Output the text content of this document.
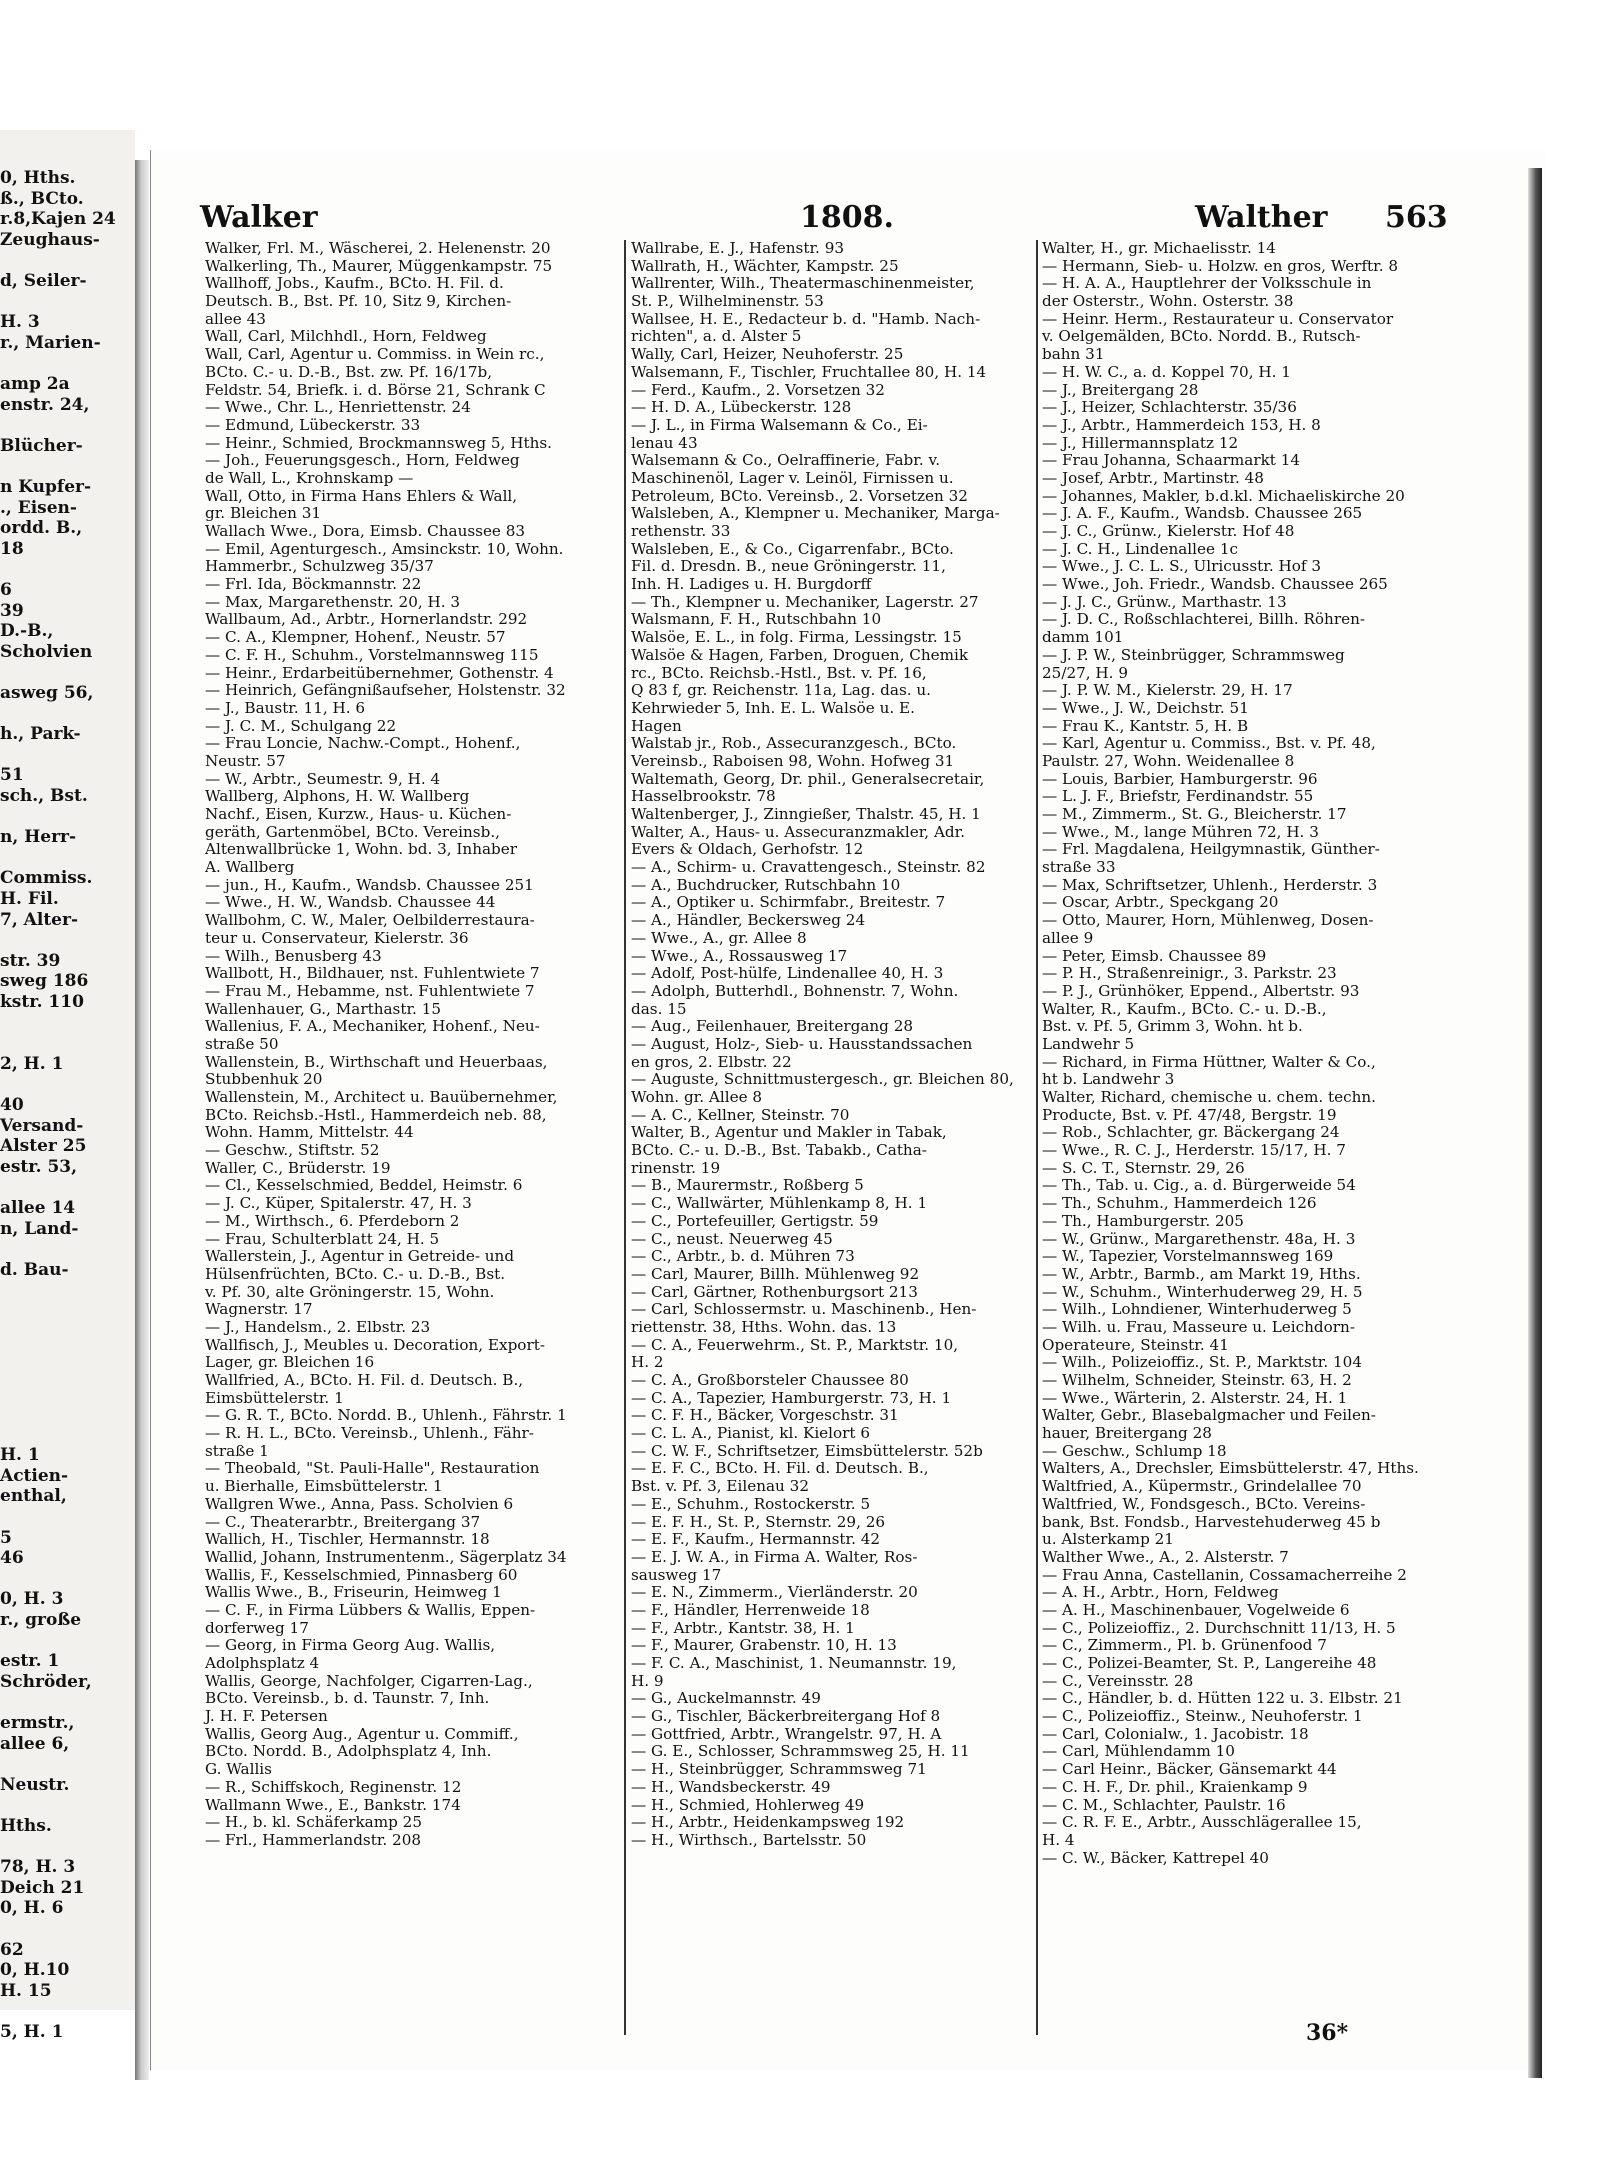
0, Hths.
ß., BCto.
r.8,Kajen 24
Zeughaus-
d, Seiler-
H. 3
r., Marien-
amp 2a
enstr. 24,
Blücher-
n Kupfer-
., Eisen-
ordd. B.,
18
6
39
D.-B.,
Scholvien
asweg 56,
h., Park-
51
sch., Bst.
n, Herr-
Commiss.
H. Fil.
7, Alter-
str. 39
sweg 186
kstr. 110
2, H. 1
40
Versand-
Alster 25
estr. 53,
allee 14
n, Land-
d. Bau-
H. 1
Actien-
enthal,
5
46
0, H. 3
r., große
estr. 1
Schröder,
ermstr.,
allee 6,
Neustr.
Hths.
78, H. 3
Deich 21
0, H. 6
62
0, H.10
H. 15
5, H. 1
Walker	1808.	Walther 563
Walker, Frl. M., Wäscherei, 2. Helenenstr. 20
Walkerling, Th., Maurer, Müggenkampstr. 75
Wallhoff, Jobs., Kaufm., BCto. H. Fil. d.
Deutsch. B., Bst. Pf. 10, Sitz 9, Kirchen-
allee 43
Wall, Carl, Milchhdl., Horn, Feldweg
Wall, Carl, Agentur u. Commiss. in Wein rc.,
BCto. C.- u. D.-B., Bst. zw. Pf. 16/17b,
Feldstr. 54, Briefk. i. d. Börse 21, Schrank C
— Wwe., Chr. L., Henriettenstr. 24
— Edmund, Lübeckerstr. 33
— Heinr., Schmied, Brockmannsweg 5, Hths.
— Joh., Feuerungsgesch., Horn, Feldweg
de Wall, L., Krohnskamp —
Wall, Otto, in Firma Hans Ehlers & Wall,
gr. Bleichen 31
Wallach Wwe., Dora, Eimsb. Chaussee 83
— Emil, Agenturgesch., Amsinckstr. 10, Wohn.
Hammerbr., Schulzweg 35/37
— Frl. Ida, Böckmannstr. 22
— Max, Margarethenstr. 20, H. 3
Wallbaum, Ad., Arbtr., Hornerlandstr. 292
— C. A., Klempner, Hohenf., Neustr. 57
— C. F. H., Schuhm., Vorstelmannsweg 115
— Heinr., Erdarbeitübernehmer, Gothenstr. 4
— Heinrich, Gefängnißaufseher, Holstenstr. 32
— J., Baustr. 11, H. 6
— J. C. M., Schulgang 22
— Frau Loncie, Nachw.-Compt., Hohenf.,
Neustr. 57
— W., Arbtr., Seumestr. 9, H. 4
Wallberg, Alphons, H. W. Wallberg
Nachf., Eisen, Kurzw., Haus- u. Küchen-
geräth, Gartenmöbel, BCto. Vereinsb.,
Altenwallbrücke 1, Wohn. bd. 3, Inhaber
A. Wallberg
— jun., H., Kaufm., Wandsb. Chaussee 251
— Wwe., H. W., Wandsb. Chaussee 44
Wallbohm, C. W., Maler, Oelbilderrestaura-
teur u. Conservateur, Kielerstr. 36
— Wilh., Benusberg 43
Wallbott, H., Bildhauer, nst. Fuhlentwiete 7
— Frau M., Hebamme, nst. Fuhlentwiete 7
Wallenhauer, G., Marthastr. 15
Wallenius, F. A., Mechaniker, Hohenf., Neu-
straße 50
Wallenstein, B., Wirthschaft und Heuerbaas,
Stubbenhuk 20
Wallenstein, M., Architect u. Bauübernehmer,
BCto. Reichsb.-Hstl., Hammerdeich neb. 88,
Wohn. Hamm, Mittelstr. 44
— Geschw., Stiftstr. 52
Waller, C., Brüderstr. 19
— Cl., Kesselschmied, Beddel, Heimstr. 6
— J. C., Küper, Spitalerstr. 47, H. 3
— M., Wirthsch., 6. Pferdeborn 2
— Frau, Schulterblatt 24, H. 5
Wallerstein, J., Agentur in Getreide- und
Hülsenfrüchten, BCto. C.- u. D.-B., Bst.
v. Pf. 30, alte Gröningerstr. 15, Wohn.
Wagnerstr. 17
— J., Handelsm., 2. Elbstr. 23
Wallfisch, J., Meubles u. Decoration, Export-
Lager, gr. Bleichen 16
Wallfried, A., BCto. H. Fil. d. Deutsch. B.,
Eimsbüttelerstr. 1
— G. R. T., BCto. Nordd. B., Uhlenh., Fährstr. 1
— R. H. L., BCto. Vereinsb., Uhlenh., Fähr-
straße 1
— Theobald, "St. Pauli-Halle", Restauration
u. Bierhalle, Eimsbüttelerstr. 1
Wallgren Wwe., Anna, Pass. Scholvien 6
— C., Theaterarbtr., Breitergang 37
Wallich, H., Tischler, Hermannstr. 18
Wallid, Johann, Instrumentenm., Sägerplatz 34
Wallis, F., Kesselschmied, Pinnasberg 60
Wallis Wwe., B., Friseurin, Heimweg 1
— C. F., in Firma Lübbers & Wallis, Eppen-
dorferweg 17
— Georg, in Firma Georg Aug. Wallis,
Adolphsplatz 4
Wallis, George, Nachfolger, Cigarren-Lag.,
BCto. Vereinsb., b. d. Taunstr. 7, Inh.
J. H. F. Petersen
Wallis, Georg Aug., Agentur u. Commiff.,
BCto. Nordd. B., Adolphsplatz 4, Inh.
G. Wallis
— R., Schiffskoch, Reginenstr. 12
Wallmann Wwe., E., Bankstr. 174
— H., b. kl. Schäferkamp 25
— Frl., Hammerlandstr. 208
Wallrabe, E. J., Hafenstr. 93
Wallrath, H., Wächter, Kampstr. 25
Wallrenter, Wilh., Theatermaschinenmeister,
St. P., Wilhelminenstr. 53
Wallsee, H. E., Redacteur b. d. "Hamb. Nach-
richten", a. d. Alster 5
Wally, Carl, Heizer, Neuhoferstr. 25
Walsemann, F., Tischler, Fruchtallee 80, H. 14
— Ferd., Kaufm., 2. Vorsetzen 32
— H. D. A., Lübeckerstr. 128
— J. L., in Firma Walsemann & Co., Ei-
lenau 43
Walsemann & Co., Oelraffinerie, Fabr. v.
Maschinenöl, Lager v. Leinöl, Firnissen u.
Petroleum, BCto. Vereinsb., 2. Vorsetzen 32
Walsleben, A., Klempner u. Mechaniker, Marga-
rethenstr. 33
Walsleben, E., & Co., Cigarrenfabr., BCto.
Fil. d. Dresdn. B., neue Gröningerstr. 11,
Inh. H. Ladiges u. H. Burgdorff
— Th., Klempner u. Mechaniker, Lagerstr. 27
Walsmann, F. H., Rutschbahn 10
Walsöe, E. L., in folg. Firma, Lessingstr. 15
Walsöe & Hagen, Farben, Droguen, Chemik
rc., BCto. Reichsb.-Hstl., Bst. v. Pf. 16,
Q 83 f, gr. Reichenstr. 11a, Lag. das. u.
Kehrwieder 5, Inh. E. L. Walsöe u. E.
Hagen
Walstab jr., Rob., Assecuranzgesch., BCto.
Vereinsb., Raboisen 98, Wohn. Hofweg 31
Waltemath, Georg, Dr. phil., Generalsecretair,
Hasselbrookstr. 78
Waltenberger, J., Zinngießer, Thalstr. 45, H. 1
Walter, A., Haus- u. Assecuranzmakler, Adr.
Evers & Oldach, Gerhofstr. 12
— A., Schirm- u. Cravattengesch., Steinstr. 82
— A., Buchdrucker, Rutschbahn 10
— A., Optiker u. Schirmfabr., Breitestr. 7
— A., Händler, Beckersweg 24
— Wwe., A., gr. Allee 8
— Wwe., A., Rossausweg 17
— Adolf, Post-hülfe, Lindenallee 40, H. 3
— Adolph, Butterhdl., Bohnenstr. 7, Wohn.
das. 15
— Aug., Feilenhauer, Breitergang 28
— August, Holz-, Sieb- u. Hausstandssachen
en gros, 2. Elbstr. 22
— Auguste, Schnittmustergesch., gr. Bleichen 80,
Wohn. gr. Allee 8
— A. C., Kellner, Steinstr. 70
Walter, B., Agentur und Makler in Tabak,
BCto. C.- u. D.-B., Bst. Tabakb., Catha-
rinenstr. 19
— B., Maurermstr., Roßberg 5
— C., Wallwärter, Mühlenkamp 8, H. 1
— C., Portefeuiller, Gertigstr. 59
— C., neust. Neuerweg 45
— C., Arbtr., b. d. Mühren 73
— Carl, Maurer, Billh. Mühlenweg 92
— Carl, Gärtner, Rothenburgsort 213
— Carl, Schlossermstr. u. Maschinenb., Hen-
riettenstr. 38, Hths. Wohn. das. 13
— C. A., Feuerwehrm., St. P., Marktstr. 10,
H. 2
— C. A., Großborsteler Chaussee 80
— C. A., Tapezier, Hamburgerstr. 73, H. 1
— C. F. H., Bäcker, Vorgeschstr. 31
— C. L. A., Pianist, kl. Kielort 6
— C. W. F., Schriftsetzer, Eimsbüttelerstr. 52b
— E. F. C., BCto. H. Fil. d. Deutsch. B.,
Bst. v. Pf. 3, Eilenau 32
— E., Schuhm., Rostockerstr. 5
— E. F. H., St. P., Sternstr. 29, 26
— E. F., Kaufm., Hermannstr. 42
— E. J. W. A., in Firma A. Walter, Ros-
sausweg 17
— E. N., Zimmerm., Vierländerstr. 20
— F., Händler, Herrenweide 18
— F., Arbtr., Kantstr. 38, H. 1
— F., Maurer, Grabenstr. 10, H. 13
— F. C. A., Maschinist, 1. Neumannstr. 19,
H. 9
— G., Auckelmannstr. 49
— G., Tischler, Bäckerbreitergang Hof 8
— Gottfried, Arbtr., Wrangelstr. 97, H. A
— G. E., Schlosser, Schrammsweg 25, H. 11
— H., Steinbrügger, Schrammsweg 71
— H., Wandsbeckerstr. 49
— H., Schmied, Hohlerweg 49
— H., Arbtr., Heidenkampsweg 192
— H., Wirthsch., Bartelsstr. 50
Walter, H., gr. Michaelisstr. 14
— Hermann, Sieb- u. Holzw. en gros, Werftr. 8
— H. A. A., Hauptlehrer der Volksschule in
der Osterstr., Wohn. Osterstr. 38
— Heinr. Herm., Restaurateur u. Conservator
v. Oelgemälden, BCto. Nordd. B., Rutsch-
bahn 31
— H. W. C., a. d. Koppel 70, H. 1
— J., Breitergang 28
— J., Heizer, Schlachterstr. 35/36
— J., Arbtr., Hammerdeich 153, H. 8
— J., Hillermannsplatz 12
— Frau Johanna, Schaarmarkt 14
— Josef, Arbtr., Martinstr. 48
— Johannes, Makler, b.d.kl. Michaeliskirche 20
— J. A. F., Kaufm., Wandsb. Chaussee 265
— J. C., Grünw., Kielerstr. Hof 48
— J. C. H., Lindenallee 1c
— Wwe., J. C. L. S., Ulricusstr. Hof 3
— Wwe., Joh. Friedr., Wandsb. Chaussee 265
— J. J. C., Grünw., Marthastr. 13
— J. D. C., Roßschlachterei, Billh. Röhren-
damm 101
— J. P. W., Steinbrügger, Schrammsweg
25/27, H. 9
— J. P. W. M., Kielerstr. 29, H. 17
— Wwe., J. W., Deichstr. 51
— Frau K., Kantstr. 5, H. B
— Karl, Agentur u. Commiss., Bst. v. Pf. 48,
Paulstr. 27, Wohn. Weidenallee 8
— Louis, Barbier, Hamburgerstr. 96
— L. J. F., Briefstr, Ferdinandstr. 55
— M., Zimmerm., St. G., Bleicherstr. 17
— Wwe., M., lange Mühren 72, H. 3
— Frl. Magdalena, Heilgymnastik, Günther-
straße 33
— Max, Schriftsetzer, Uhlenh., Herderstr. 3
— Oscar, Arbtr., Speckgang 20
— Otto, Maurer, Horn, Mühlenweg, Dosen-
allee 9
— Peter, Eimsb. Chaussee 89
— P. H., Straßenreinigr., 3. Parkstr. 23
— P. J., Grünhöker, Eppend., Albertstr. 93
Walter, R., Kaufm., BCto. C.- u. D.-B.,
Bst. v. Pf. 5, Grimm 3, Wohn. ht b.
Landwehr 5
— Richard, in Firma Hüttner, Walter & Co.,
ht b. Landwehr 3
Walter, Richard, chemische u. chem. techn.
Producte, Bst. v. Pf. 47/48, Bergstr. 19
— Rob., Schlachter, gr. Bäckergang 24
— Wwe., R. C. J., Herderstr. 15/17, H. 7
— S. C. T., Sternstr. 29, 26
— Th., Tab. u. Cig., a. d. Bürgerweide 54
— Th., Schuhm., Hammerdeich 126
— Th., Hamburgerstr. 205
— W., Grünw., Margarethenstr. 48a, H. 3
— W., Tapezier, Vorstelmannsweg 169
— W., Arbtr., Barmb., am Markt 19, Hths.
— W., Schuhm., Winterhuderweg 29, H. 5
— Wilh., Lohndiener, Winterhuderweg 5
— Wilh. u. Frau, Masseure u. Leichdorn-
Operateure, Steinstr. 41
— Wilh., Polizeioffiz., St. P., Marktstr. 104
— Wilhelm, Schneider, Steinstr. 63, H. 2
— Wwe., Wärterin, 2. Alsterstr. 24, H. 1
Walter, Gebr., Blasebalgmacher und Feilen-
hauer, Breitergang 28
— Geschw., Schlump 18
Walters, A., Drechsler, Eimsbüttelerstr. 47, Hths.
Waltfried, A., Küpermstr., Grindelallee 70
Waltfried, W., Fondsgesch., BCto. Vereins-
bank, Bst. Fondsb., Harvestehuderweg 45 b
u. Alsterkamp 21
Walther Wwe., A., 2. Alsterstr. 7
— Frau Anna, Castellanin, Cossamacherreihe 2
— A. H., Arbtr., Horn, Feldweg
— A. H., Maschinenbauer, Vogelweide 6
— C., Polizeioffiz., 2. Durchschnitt 11/13, H. 5
— C., Zimmerm., Pl. b. Grünenfood 7
— C., Polizei-Beamter, St. P., Langereihe 48
— C., Vereinsstr. 28
— C., Händler, b. d. Hütten 122 u. 3. Elbstr. 21
— C., Polizeioffiz., Steinw., Neuhoferstr. 1
— Carl, Colonialw., 1. Jacobistr. 18
— Carl, Mühlendamm 10
— Carl Heinr., Bäcker, Gänsemarkt 44
— C. H. F., Dr. phil., Kraienkamp 9
— C. M., Schlachter, Paulstr. 16
— C. R. F. E., Arbtr., Ausschlägerallee 15,
H. 4
— C. W., Bäcker, Kattrepel 40
36*
